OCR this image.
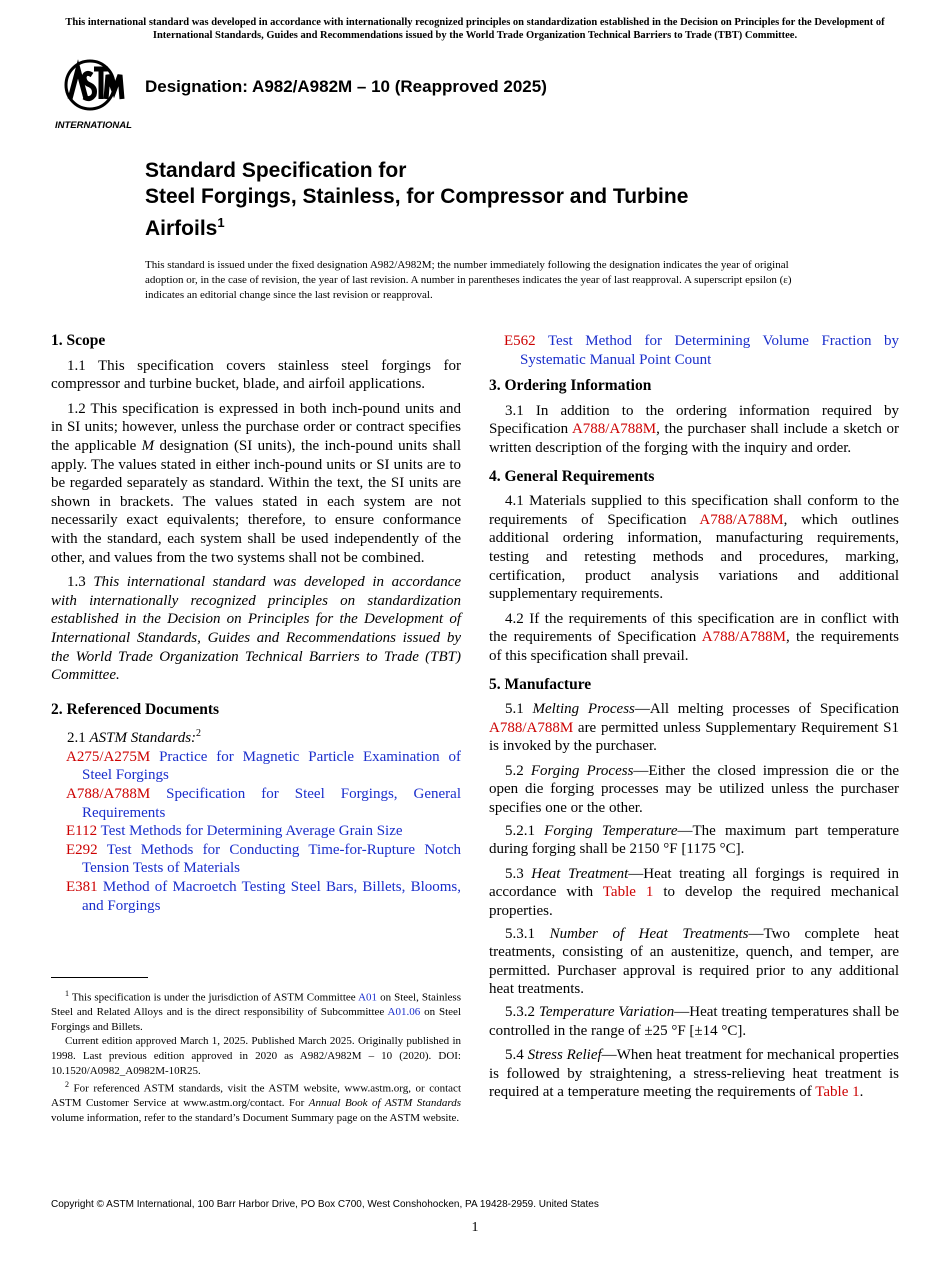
This international standard was developed in accordance with internationally recognized principles on standardization established in the Decision on Principles for the Development of International Standards, Guides and Recommendations issued by the World Trade Organization Technical Barriers to Trade (TBT) Committee.
INTERNATIONAL
Designation: A982/A982M – 10 (Reapproved 2025)
Standard Specification for
Steel Forgings, Stainless, for Compressor and Turbine
Airfoils$^1$
This standard is issued under the fixed designation A982/A982M; the number immediately following the designation indicates the year of original adoption or, in the case of revision, the year of last revision. A number in parentheses indicates the year of last reapproval. A superscript epsilon (ε) indicates an editorial change since the last revision or reapproval.
1. Scope

1.1 This specification covers stainless steel forgings for compressor and turbine bucket, blade, and airfoil applications.

1.2 This specification is expressed in both inch-pound units and in SI units; however, unless the purchase order or contract specifies the applicable M designation (SI units), the inch-pound units shall apply. The values stated in either inch-pound units or SI units are to be regarded separately as standard. Within the text, the SI units are shown in brackets. The values stated in each system are not necessarily exact equivalents; therefore, to ensure conformance with the standard, each system shall be used independently of the other, and values from the two systems shall not be combined.

1.3 This international standard was developed in accordance with internationally recognized principles on standardization established in the Decision on Principles for the Development of International Standards, Guides and Recommendations issued by the World Trade Organization Technical Barriers to Trade (TBT) Committee.

2. Referenced Documents

2.1 ASTM Standards:$^2$

A275/A275M Practice for Magnetic Particle Examination of Steel Forgings
A788/A788M Specification for Steel Forgings, General Requirements
E112 Test Methods for Determining Average Grain Size
E292 Test Methods for Conducting Time-for-Rupture Notch Tension Tests of Materials
E381 Method of Macroetch Testing Steel Bars, Billets, Blooms, and Forgings
E562 Test Method for Determining Volume Fraction by Systematic Manual Point Count
3. Ordering Information

3.1 In addition to the ordering information required by Specification A788/A788M, the purchaser shall include a sketch or written description of the forging with the inquiry and order.

4. General Requirements

4.1 Materials supplied to this specification shall conform to the requirements of Specification A788/A788M, which outlines additional ordering information, manufacturing requirements, testing and retesting methods and procedures, marking, certification, product analysis variations and additional supplementary requirements.

4.2 If the requirements of this specification are in conflict with the requirements of Specification A788/A788M, the requirements of this specification shall prevail.

5. Manufacture

5.1 Melting Process—All melting processes of Specification A788/A788M are permitted unless Supplementary Requirement S1 is invoked by the purchaser.

5.2 Forging Process—Either the closed impression die or the open die forging processes may be utilized unless the purchaser specifies one or the other.

5.2.1 Forging Temperature—The maximum part temperature during forging shall be 2150 °F [1175 °C].

5.3 Heat Treatment—Heat treating all forgings is required in accordance with Table 1 to develop the required mechanical properties.

5.3.1 Number of Heat Treatments—Two complete heat treatments, consisting of an austenitize, quench, and temper, are permitted. Purchaser approval is required prior to any additional heat treatments.

5.3.2 Temperature Variation—Heat treating temperatures shall be controlled in the range of ±25 °F [±14 °C].

5.4 Stress Relief—When heat treatment for mechanical properties is followed by straightening, a stress-relieving heat treatment is required at a temperature meeting the requirements of Table 1.

$^1$ This specification is under the jurisdiction of ASTM Committee A01 on Steel, Stainless Steel and Related Alloys and is the direct responsibility of Subcommittee A01.06 on Steel Forgings and Billets.

Current edition approved March 1, 2025. Published March 2025. Originally published in 1998. Last previous edition approved in 2020 as A982/A982M – 10 (2020). DOI: 10.1520/A0982_A0982M-10R25.

$^2$ For referenced ASTM standards, visit the ASTM website, www.astm.org, or contact ASTM Customer Service at www.astm.org/contact. For Annual Book of ASTM Standards volume information, refer to the standard’s Document Summary page on the ASTM website.

Copyright © ASTM International, 100 Barr Harbor Drive, PO Box C700, West Conshohocken, PA 19428-2959. United States
1
